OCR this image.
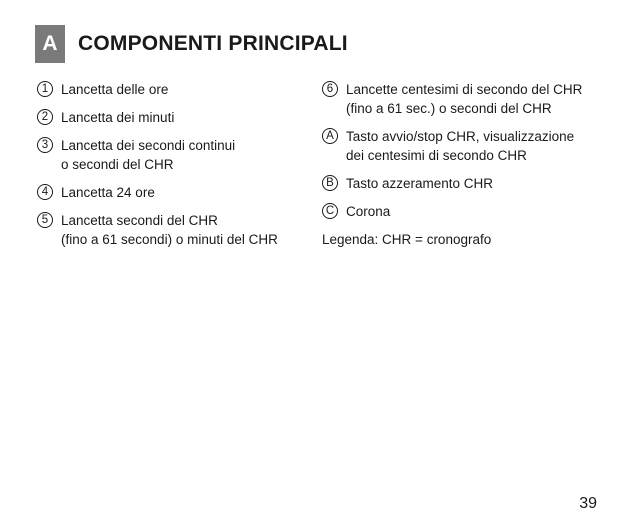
A COMPONENTI PRINCIPALI
1 Lancetta delle ore
2 Lancetta dei minuti
3 Lancetta dei secondi continui
o secondi del CHR
4 Lancetta 24 ore
5 Lancetta secondi del CHR
(fino a 61 secondi) o minuti del CHR
6 Lancette centesimi di secondo del CHR
(fino a 61 sec.) o secondi del CHR
A Tasto avvio/stop CHR, visualizzazione
dei centesimi di secondo CHR
B Tasto azzeramento CHR
C Corona
Legenda: CHR = cronografo
39
